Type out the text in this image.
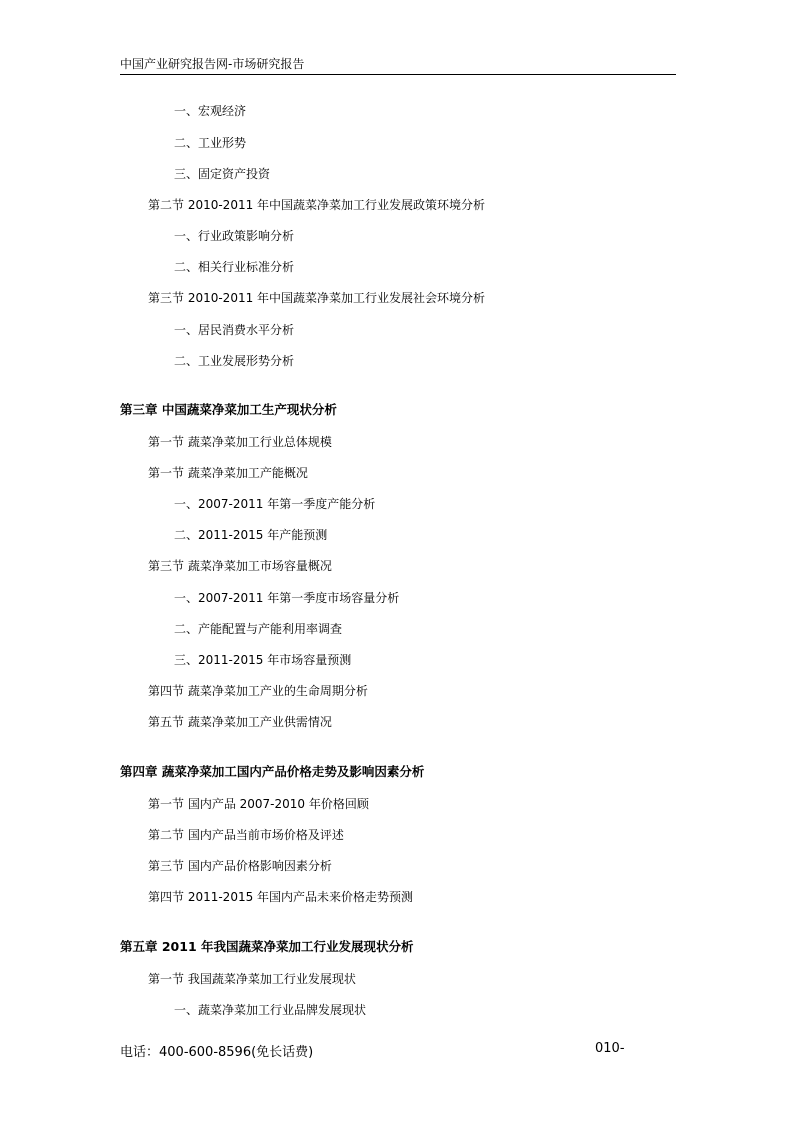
中国产业研究报告网-市场研究报告
一、宏观经济
二、工业形势
三、固定资产投资
第二节 2010-2011 年中国蔬菜净菜加工行业发展政策环境分析
一、行业政策影响分析
二、相关行业标准分析
第三节 2010-2011 年中国蔬菜净菜加工行业发展社会环境分析
一、居民消费水平分析
二、工业发展形势分析
第三章 中国蔬菜净菜加工生产现状分析
第一节 蔬菜净菜加工行业总体规模
第一节 蔬菜净菜加工产能概况
一、2007-2011 年第一季度产能分析
二、2011-2015 年产能预测
第三节 蔬菜净菜加工市场容量概况
一、2007-2011 年第一季度市场容量分析
二、产能配置与产能利用率调查
三、2011-2015 年市场容量预测
第四节 蔬菜净菜加工产业的生命周期分析
第五节 蔬菜净菜加工产业供需情况
第四章 蔬菜净菜加工国内产品价格走势及影响因素分析
第一节 国内产品 2007-2010 年价格回顾
第二节 国内产品当前市场价格及评述
第三节 国内产品价格影响因素分析
第四节 2011-2015 年国内产品未来价格走势预测
第五章 2011 年我国蔬菜净菜加工行业发展现状分析
第一节 我国蔬菜净菜加工行业发展现状
一、蔬菜净菜加工行业品牌发展现状
电话：400-600-8596(免长话费)	010-
